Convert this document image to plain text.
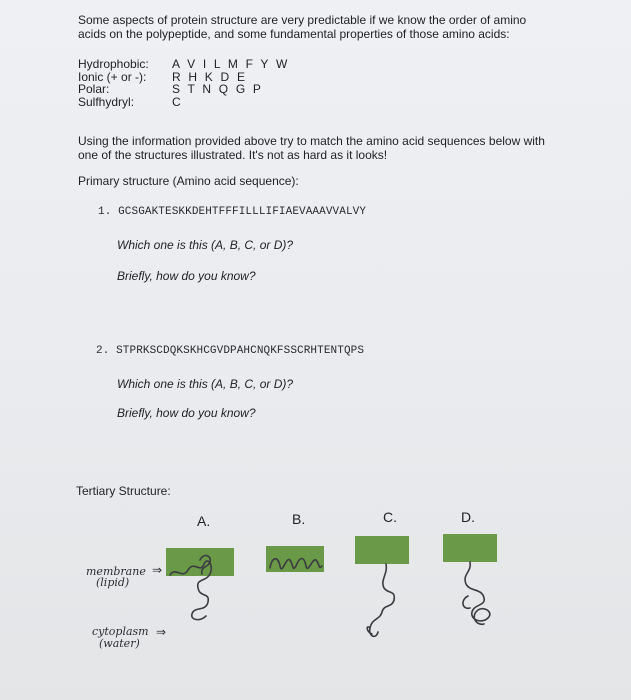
Some aspects of protein structure are very predictable if we know the order of amino
acids on the polypeptide, and some fundamental properties of those amino acids:
Hydrophobic:	A V I L M F Y W
Ionic (+ or -):	R H K D E
Polar:	S T N Q G P
Sulfhydryl:	C
Using the information provided above try to match the amino acid sequences below with
one of the structures illustrated. It's not as hard as it looks!
Primary structure (Amino acid sequence):
1. GCSGAKTESKKDEHTFFFILLLIFIAEVAAAVVALVY
Which one is this (A, B, C, or D)?
Briefly, how do you know?
2. STPRKSCDQKSKHCGVDPAHCNQKFSSCRHTENTQPS
Which one is this (A, B, C, or D)?
Briefly, how do you know?
Tertiary Structure:
A.	B.	C.	D.
membrane ⇒
(lipid)
cytoplasm ⇒
(water)
